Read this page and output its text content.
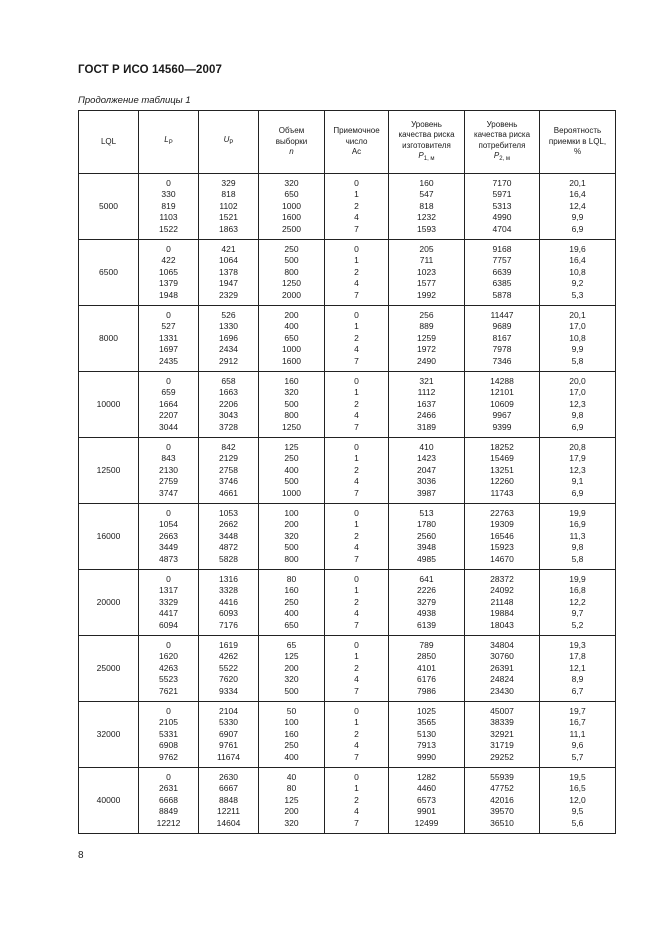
ГОСТ Р ИСО 14560—2007
Продолжение таблицы 1
LQL	$L_P$	$U_P$	Объем
выборки
n	Приемочное
число
Ac	Уровень
качества риска
изготовителя
$P_{1, м}$	Уровень
качества риска
потребителя
$P_{2, м}$	Вероятность
приемки в LQL,
%

5000	0
330
819
1103
1522	329
818
1102
1521
1863	320
650
1000
1600
2500	0
1
2
4
7	160
547
818
1232
1593	7170
5971
5313
4990
4704	20,1
16,4
12,4
9,9
6,9

6500	0
422
1065
1379
1948	421
1064
1378
1947
2329	250
500
800
1250
2000	0
1
2
4
7	205
711
1023
1577
1992	9168
7757
6639
6385
5878	19,6
16,4
10,8
9,2
5,3

8000	0
527
1331
1697
2435	526
1330
1696
2434
2912	200
400
650
1000
1600	0
1
2
4
7	256
889
1259
1972
2490	11447
9689
8167
7978
7346	20,1
17,0
10,8
9,9
5,8

10000	0
659
1664
2207
3044	658
1663
2206
3043
3728	160
320
500
800
1250	0
1
2
4
7	321
1112
1637
2466
3189	14288
12101
10609
9967
9399	20,0
17,0
12,3
9,8
6,9

12500	0
843
2130
2759
3747	842
2129
2758
3746
4661	125
250
400
500
1000	0
1
2
4
7	410
1423
2047
3036
3987	18252
15469
13251
12260
11743	20,8
17,9
12,3
9,1
6,9

16000	0
1054
2663
3449
4873	1053
2662
3448
4872
5828	100
200
320
500
800	0
1
2
4
7	513
1780
2560
3948
4985	22763
19309
16546
15923
14670	19,9
16,9
11,3
9,8
5,8

20000	0
1317
3329
4417
6094	1316
3328
4416
6093
7176	80
160
250
400
650	0
1
2
4
7	641
2226
3279
4938
6139	28372
24092
21148
19884
18043	19,9
16,8
12,2
9,7
5,2

25000	0
1620
4263
5523
7621	1619
4262
5522
7620
9334	65
125
200
320
500	0
1
2
4
7	789
2850
4101
6176
7986	34804
30760
26391
24824
23430	19,3
17,8
12,1
8,9
6,7

32000	0
2105
5331
6908
9762	2104
5330
6907
9761
11674	50
100
160
250
400	0
1
2
4
7	1025
3565
5130
7913
9990	45007
38339
32921
31719
29252	19,7
16,7
11,1
9,6
5,7

40000	0
2631
6668
8849
12212	2630
6667
8848
12211
14604	40
80
125
200
320	0
1
2
4
7	1282
4460
6573
9901
12499	55939
47752
42016
39570
36510	19,5
16,5
12,0
9,5
5,6
8
